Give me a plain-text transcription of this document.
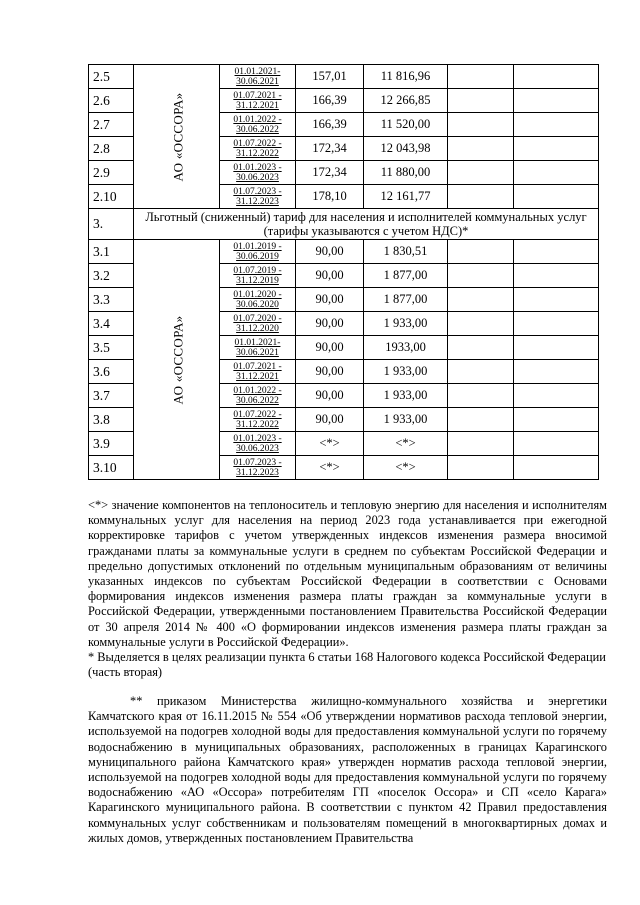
2.5	АО «ОССОРА»	01.01.2021-
30.06.2021	157,01	11 816,96		
2.6		01.07.2021 -
31.12.2021	166,39	12 266,85		
2.7		01.01.2022 -
30.06.2022	166,39	11 520,00		
2.8		01.07.2022 -
31.12.2022	172,34	12 043,98		
2.9		01.01.2023 -
30.06.2023	172,34	11 880,00		
2.10		01.07.2023 -
31.12.2023	178,10	12 161,77		
3.	Льготный (сниженный) тариф для населения и исполнителей коммунальных услуг (тарифы указываются с учетом НДС)*					
3.1	АО «ОССОРА»	01.01.2019 -
30.06.2019	90,00	1 830,51		
3.2		01.07.2019 -
31.12.2019	90,00	1 877,00		
3.3		01.01.2020 -
30.06.2020	90,00	1 877,00		
3.4		01.07.2020 -
31.12.2020	90,00	1 933,00		
3.5		01.01.2021-
30.06.2021	90,00	1933,00		
3.6		01.07.2021 -
31.12.2021	90,00	1 933,00		
3.7		01.01.2022 -
30.06.2022	90,00	1 933,00		
3.8		01.07.2022 -
31.12.2022	90,00	1 933,00		
3.9		01.01.2023 -
30.06.2023	<*>	<*>		
3.10		01.07.2023 -
31.12.2023	<*>	<*>		

<*> значение компонентов на теплоноситель и тепловую энергию для населения и исполнителям коммунальных услуг для населения на период 2023 года устанавливается при ежегодной корректировке тарифов с учетом утвержденных индексов изменения размера вносимой гражданами платы за коммунальные услуги в среднем по субъектам Российской Федерации и предельно допустимых отклонений по отдельным муниципальным образованиям от величины указанных индексов по субъектам Российской Федерации в соответствии с Основами формирования индексов изменения размера платы граждан за коммунальные услуги в Российской Федерации, утвержденными постановлением Правительства Российской Федерации от 30 апреля 2014 № 400 «О формировании индексов изменения размера платы граждан за коммунальные услуги в Российской Федерации».

* Выделяется в целях реализации пункта 6 статьи 168 Налогового кодекса Российской Федерации (часть вторая)

** приказом Министерства жилищно-коммунального хозяйства и энергетики Камчатского края от 16.11.2015 № 554 «Об утверждении нормативов расхода тепловой энергии, используемой на подогрев холодной воды для предоставления коммунальной услуги по горячему водоснабжению в муниципальных образованиях, расположенных в границах Карагинского муниципального района Камчатского края» утвержден норматив расхода тепловой энергии, используемой на подогрев холодной воды для предоставления коммунальной услуги по горячему водоснабжению «АО «Оссора» потребителям ГП «поселок Оссора» и СП «село Карага» Карагинского муниципального района. В соответствии с пунктом 42 Правил предоставления коммунальных услуг собственникам и пользователям помещений в многоквартирных домах и жилых домов, утвержденных постановлением Правительства
